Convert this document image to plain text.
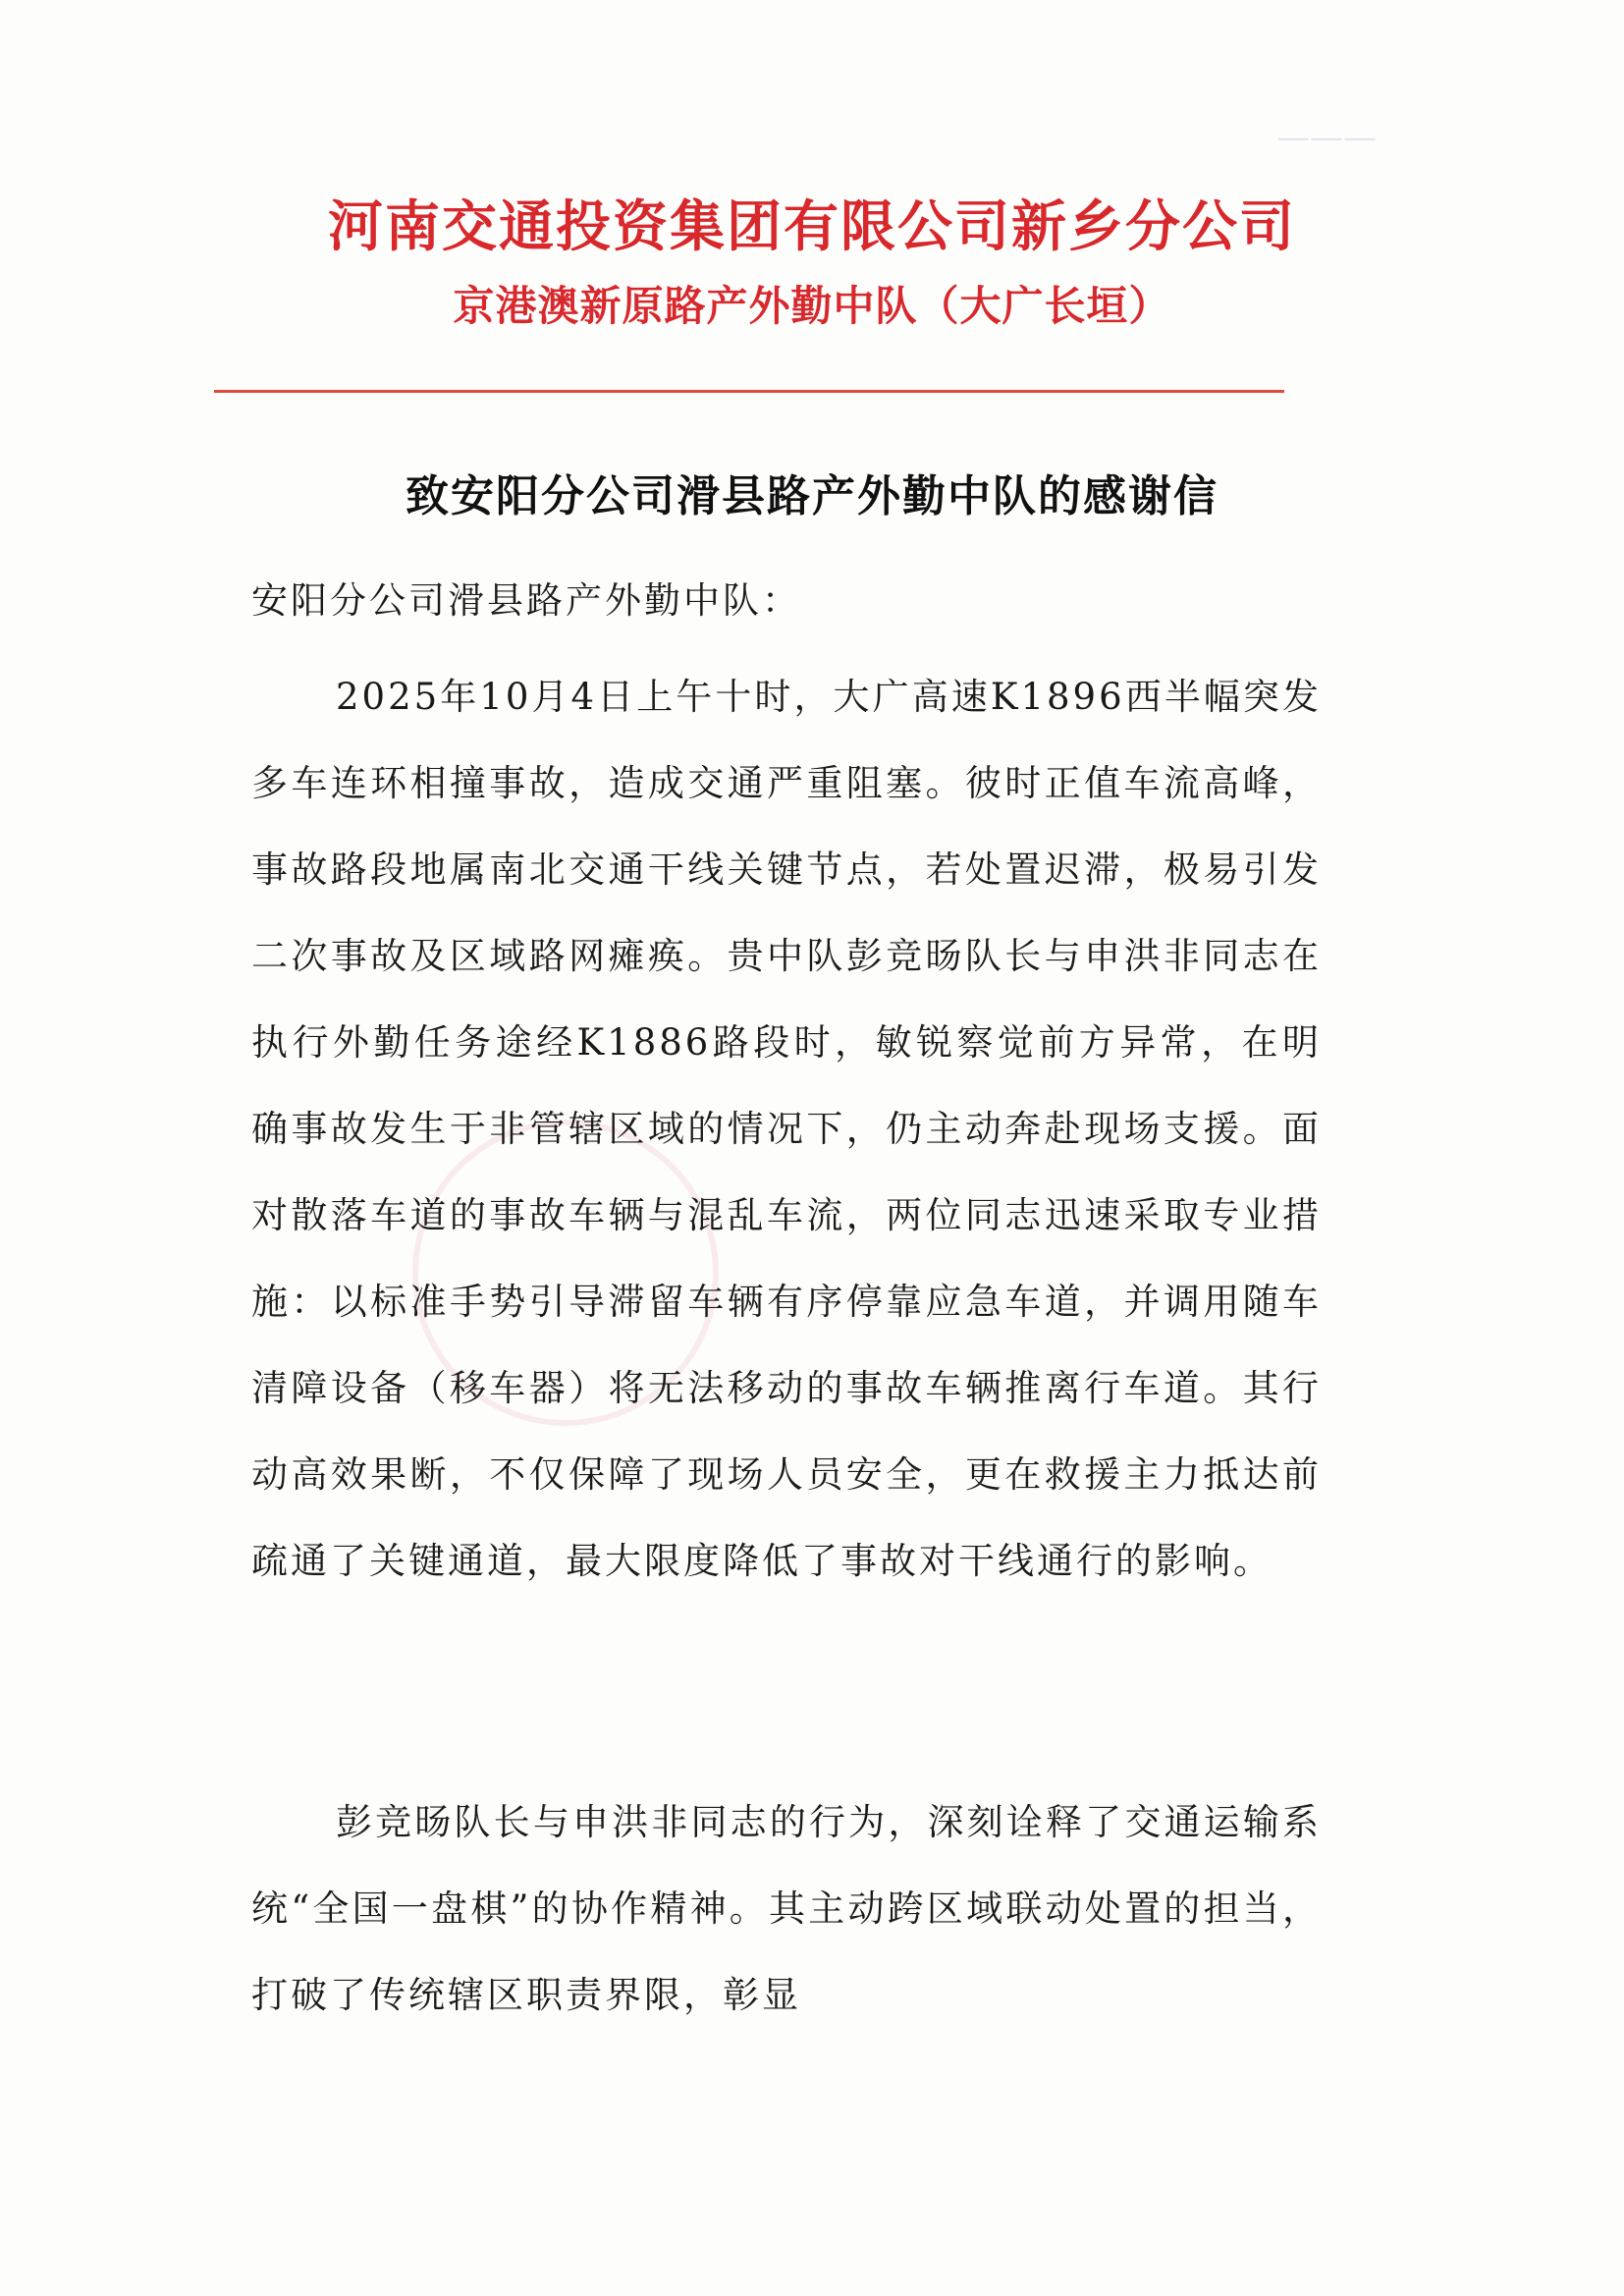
———
河南交通投资集团有限公司新乡分公司
京港澳新原路产外勤中队（大广长垣）
致安阳分公司滑县路产外勤中队的感谢信
安阳分公司滑县路产外勤中队：

2025年10月4日上午十时，大广高速K1896西半幅突发多车连环相撞事故，造成交通严重阻塞。彼时正值车流高峰，事故路段地属南北交通干线关键节点，若处置迟滞，极易引发二次事故及区域路网瘫痪。贵中队彭竞旸队长与申洪非同志在执行外勤任务途经K1886路段时，敏锐察觉前方异常，在明确事故发生于非管辖区域的情况下，仍主动奔赴现场支援。面对散落车道的事故车辆与混乱车流，两位同志迅速采取专业措施：以标准手势引导滞留车辆有序停靠应急车道，并调用随车清障设备（移车器）将无法移动的事故车辆推离行车道。其行动高效果断，不仅保障了现场人员安全，更在救援主力抵达前疏通了关键通道，最大限度降低了事故对干线通行的影响。

彭竞旸队长与申洪非同志的行为，深刻诠释了交通运输系统“全国一盘棋”的协作精神。其主动跨区域联动处置的担当，打破了传统辖区职责界限，彰显
